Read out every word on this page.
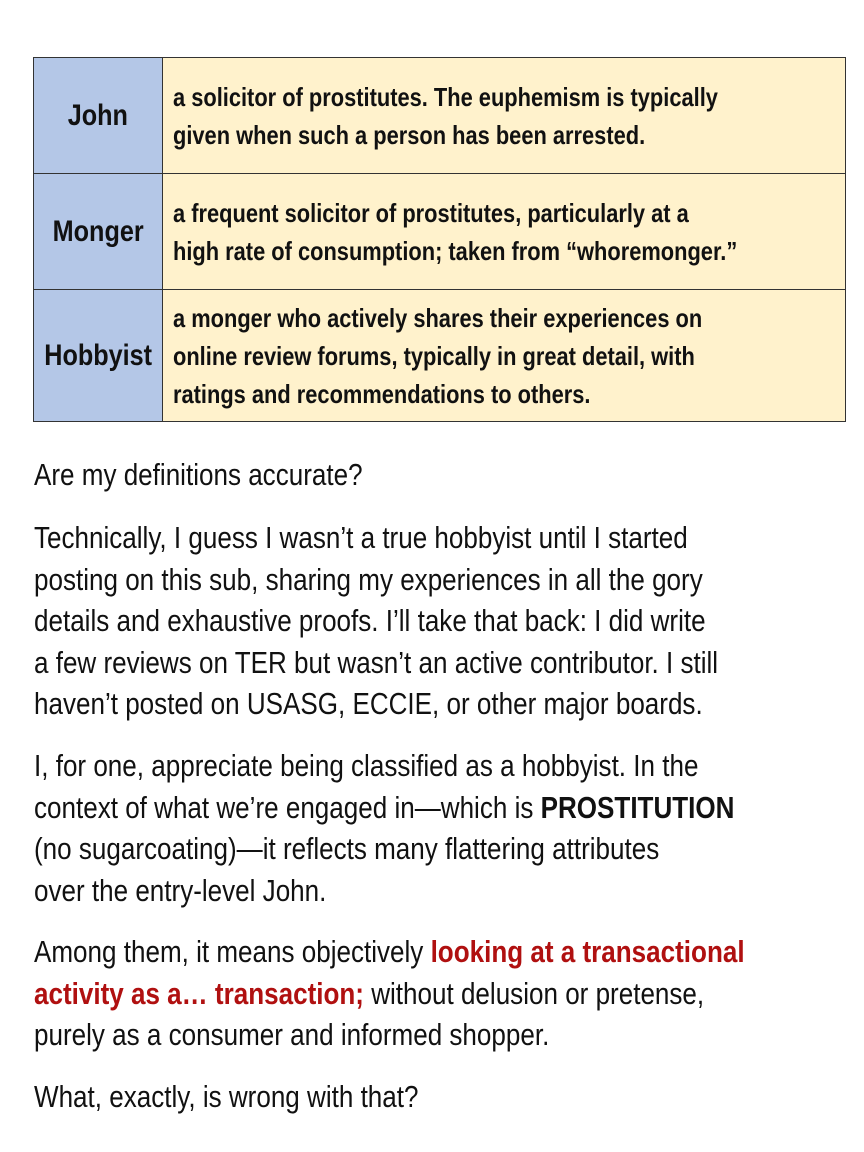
John	a solicitor of prostitutes. The euphemism is typically
given when such a person has been arrested.

Monger	a frequent solicitor of prostitutes, particularly at a
high rate of consumption; taken from “whoremonger.”

Hobbyist	a monger who actively shares their experiences on
online review forums, typically in great detail, with
ratings and recommendations to others.
Are my definitions accurate?
Technically, I guess I wasn’t a true hobbyist until I started
posting on this sub, sharing my experiences in all the gory
details and exhaustive proofs. I’ll take that back: I did write
a few reviews on TER but wasn’t an active contributor. I still
haven’t posted on USASG, ECCIE, or other major boards.
I, for one, appreciate being classified as a hobbyist. In the
context of what we’re engaged in—which is PROSTITUTION
(no sugarcoating)—it reflects many flattering attributes
over the entry-level John.
Among them, it means objectively looking at a transactional
activity as a… transaction; without delusion or pretense,
purely as a consumer and informed shopper.
What, exactly, is wrong with that?
